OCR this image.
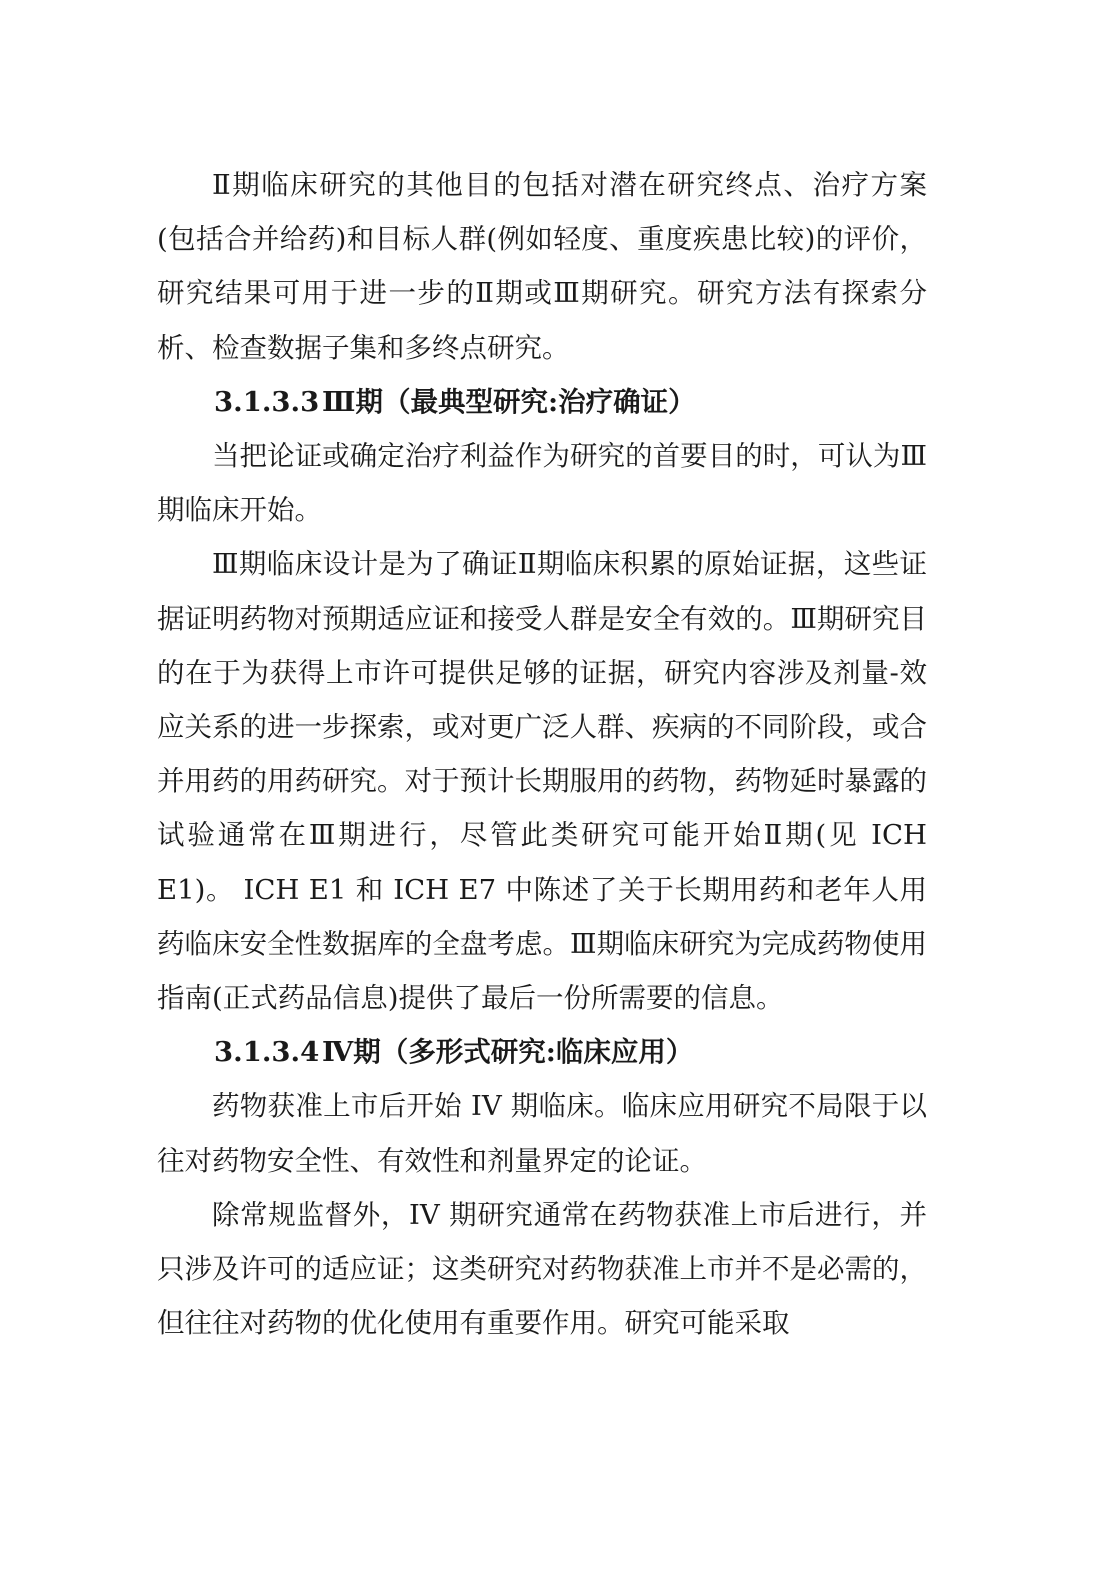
Ⅱ期临床研究的其他目的包括对潜在研究终点、治疗方案(包括合并给药)和目标人群(例如轻度、重度疾患比较)的评价，研究结果可用于进一步的Ⅱ期或Ⅲ期研究。研究方法有探索分析、检查数据子集和多终点研究。

3.1.3.3Ⅲ期（最典型研究:治疗确证）

当把论证或确定治疗利益作为研究的首要目的时，可认为Ⅲ期临床开始。

Ⅲ期临床设计是为了确证Ⅱ期临床积累的原始证据，这些证据证明药物对预期适应证和接受人群是安全有效的。Ⅲ期研究目的在于为获得上市许可提供足够的证据，研究内容涉及剂量-效应关系的进一步探索，或对更广泛人群、疾病的不同阶段，或合并用药的用药研究。对于预计长期服用的药物，药物延时暴露的试验通常在Ⅲ期进行，尽管此类研究可能开始Ⅱ期(见 ICH E1)。 ICH E1 和 ICH E7 中陈述了关于长期用药和老年人用药临床安全性数据库的全盘考虑。Ⅲ期临床研究为完成药物使用指南(正式药品信息)提供了最后一份所需要的信息。

3.1.3.4Ⅳ期（多形式研究:临床应用）

药物获准上市后开始 IV 期临床。临床应用研究不局限于以往对药物安全性、有效性和剂量界定的论证。

除常规监督外，IV 期研究通常在药物获准上市后进行，并只涉及许可的适应证；这类研究对药物获准上市并不是必需的，但往往对药物的优化使用有重要作用。研究可能采取
